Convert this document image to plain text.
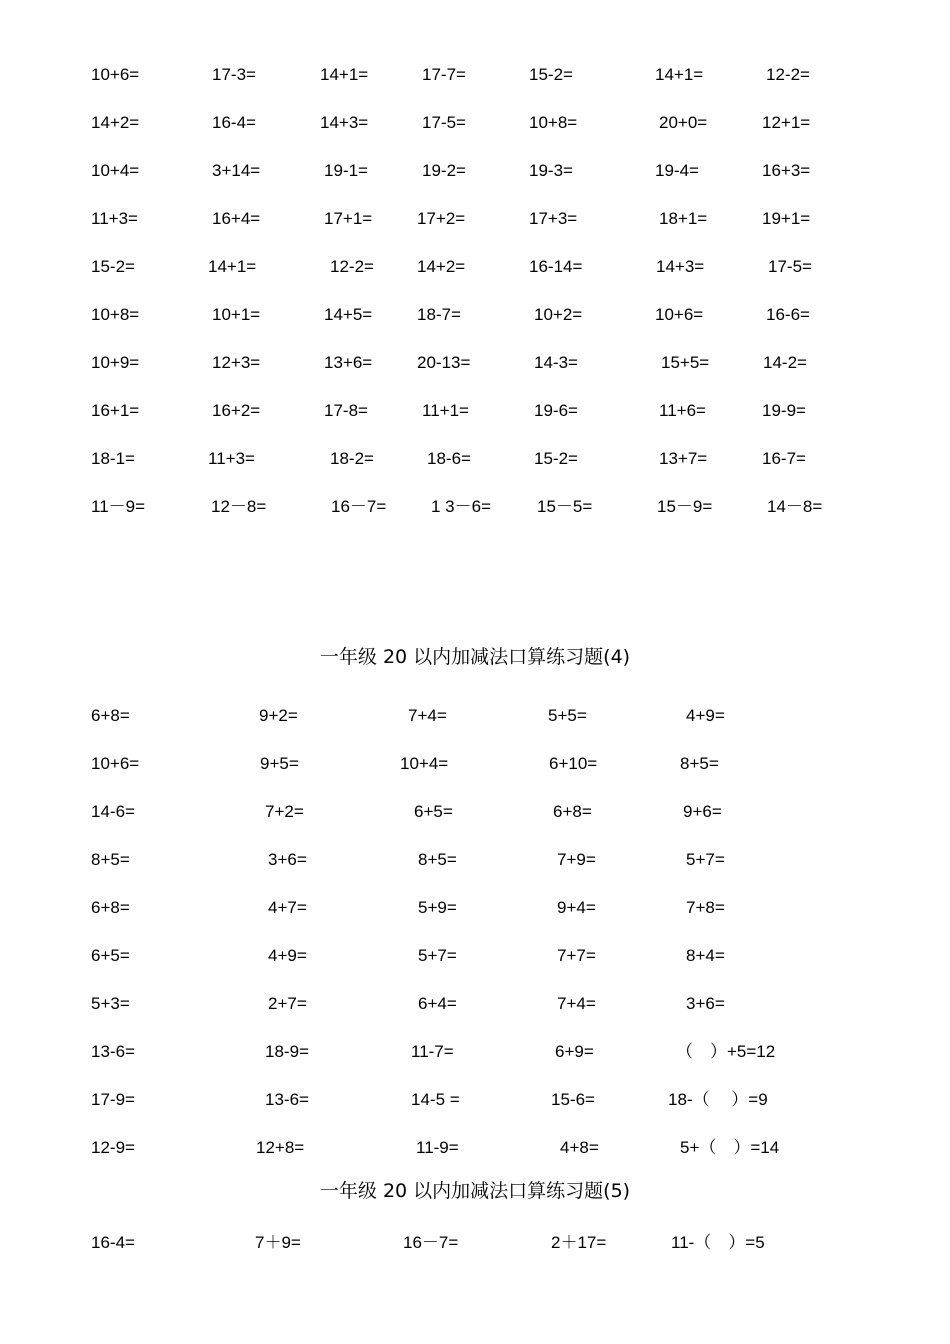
10+6=	17-3=	14+1=	17-7=	15-2=	14+1=	12-2=
14+2=	16-4=	14+3=	17-5=	10+8=	20+0=	12+1=
10+4=	3+14=	19-1=	19-2=	19-3=	19-4=	16+3=
11+3=	16+4=	17+1=	17+2=	17+3=	18+1=	19+1=
15-2=	14+1=	12-2=	14+2=	16-14=	14+3=	17-5=
10+8=	10+1=	14+5=	18-7=	10+2=	10+6=	16-6=
10+9=	12+3=	13+6=	20-13=	14-3=	15+5=	14-2=
16+1=	16+2=	17-8=	11+1=	19-6=	11+6=	19-9=
18-1=	11+3=	18-2=	18-6=	15-2=	13+7=	16-7=
11－9=	12－8=	16－7=	1 3－6=	15－5=	15－9=	14－8=
一年级 20 以内加减法口算练习题(4)
6+8=	9+2=	7+4=	5+5=	4+9=
10+6=	9+5=	10+4=	6+10=	8+5=
14-6=	7+2=	6+5=	6+8=	9+6=
8+5=	3+6=	8+5=	7+9=	5+7=
6+8=	4+7=	5+9=	9+4=	7+8=
6+5=	4+9=	5+7=	7+7=	8+4=
5+3=	2+7=	6+4=	7+4=	3+6=
13-6=	18-9=	11-7=	6+9=	（　）+5=12
17-9=	13-6=	14-5 =	15-6=	18-（　 ）=9
12-9=	12+8=	11-9=	4+8=	5+（　）=14
一年级 20 以内加减法口算练习题(5)
16-4=	7＋9=	16－7=	2＋17=	11-（　）=5
